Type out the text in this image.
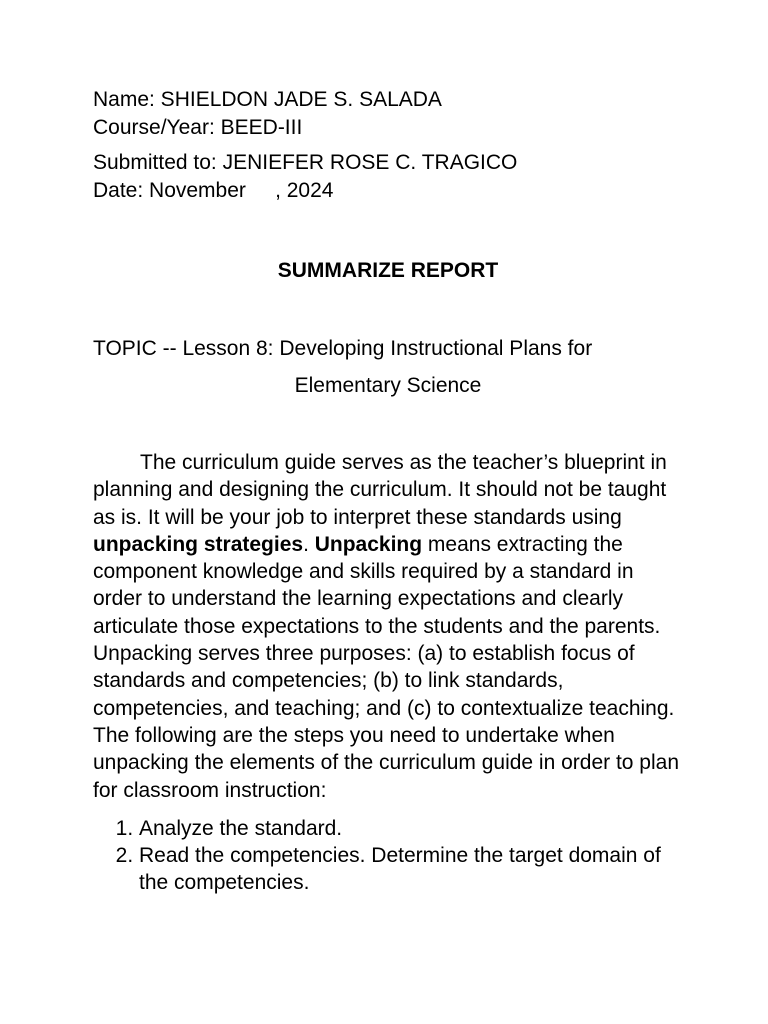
Name: SHIELDON JADE S. SALADA
Course/Year: BEED-III
Submitted to: JENIEFER ROSE C. TRAGICO
Date: November     , 2024
SUMMARIZE REPORT
TOPIC -- Lesson 8: Developing Instructional Plans for
Elementary Science

The curriculum guide serves as the teacher’s blueprint in planning and designing the curriculum. It should not be taught as is. It will be your job to interpret these standards using unpacking strategies. Unpacking means extracting the component knowledge and skills required by a standard in order to understand the learning expectations and clearly articulate those expectations to the students and the parents. Unpacking serves three purposes: (a) to establish focus of standards and competencies; (b) to link standards, competencies, and teaching; and (c) to contextualize teaching. The following are the steps you need to undertake when unpacking the elements of the curriculum guide in order to plan for classroom instruction:

1. Analyze the standard.
2. Read the competencies. Determine the target domain of the competencies.
